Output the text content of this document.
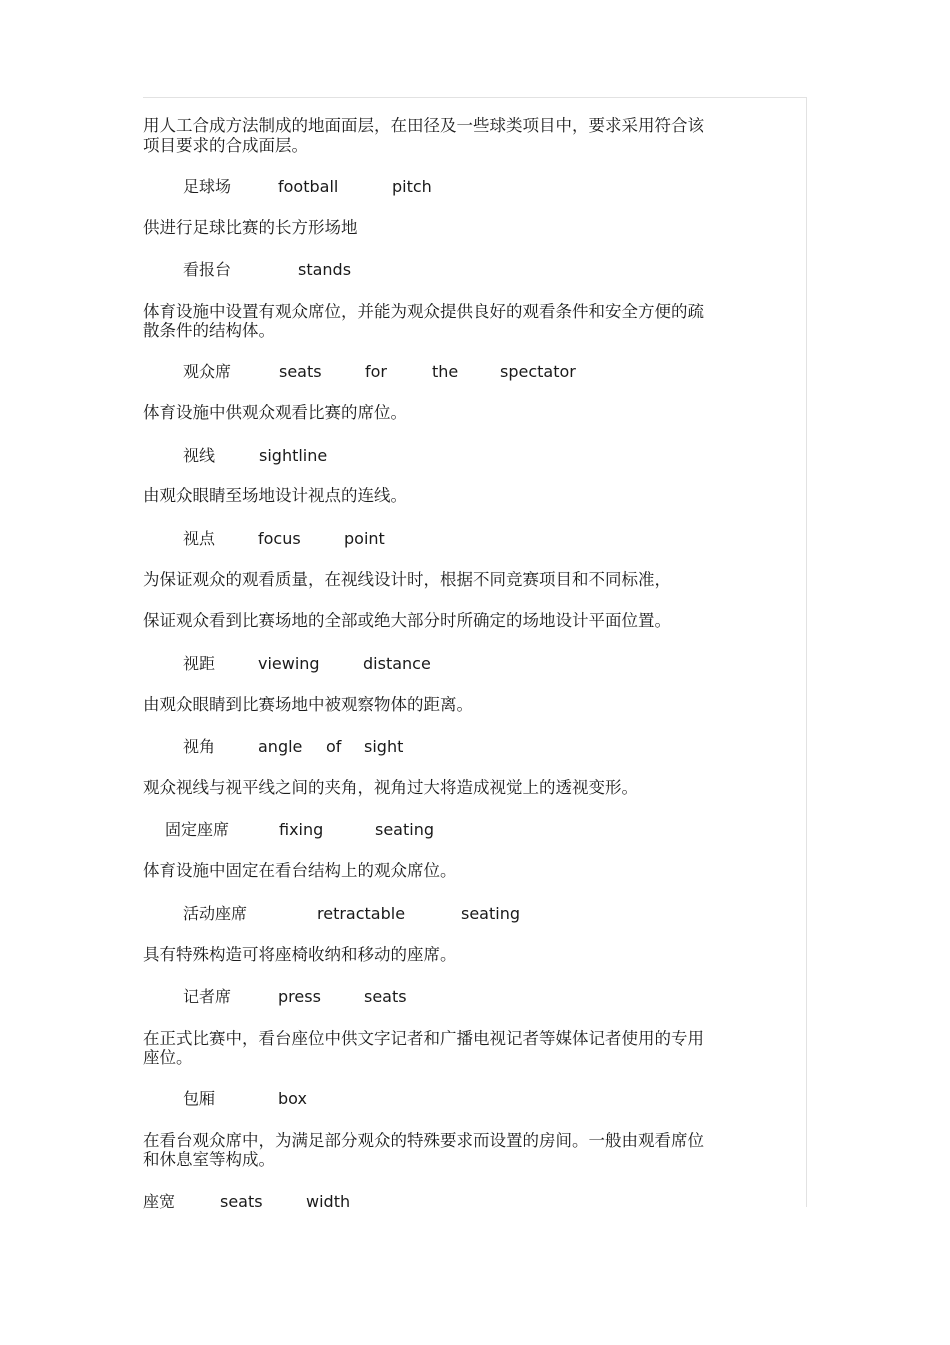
用人工合成方法制成的地面面层，在田径及一些球类项目中，要求采用符合该
项目要求的合成面层。
足球场	football	pitch
供进行足球比赛的长方形场地
看报台	stands
体育设施中设置有观众席位，并能为观众提供良好的观看条件和安全方便的疏
散条件的结构体。
观众席	seats	for	the	spectator
体育设施中供观众观看比赛的席位。
视线	sightline
由观众眼睛至场地设计视点的连线。
视点	focus	point
为保证观众的观看质量，在视线设计时，根据不同竞赛项目和不同标准，
保证观众看到比赛场地的全部或绝大部分时所确定的场地设计平面位置。
视距	viewing	distance
由观众眼睛到比赛场地中被观察物体的距离。
视角	angle of sight
观众视线与视平线之间的夹角，视角过大将造成视觉上的透视变形。
固定座席	fixing	seating
体育设施中固定在看台结构上的观众席位。
活动座席	retractable	seating
具有特殊构造可将座椅收纳和移动的座席。
记者席	press	seats
在正式比赛中，看台座位中供文字记者和广播电视记者等媒体记者使用的专用
座位。
包厢	box
在看台观众席中，为满足部分观众的特殊要求而设置的房间。一般由观看席位
和休息室等构成。
座宽	seats	width
